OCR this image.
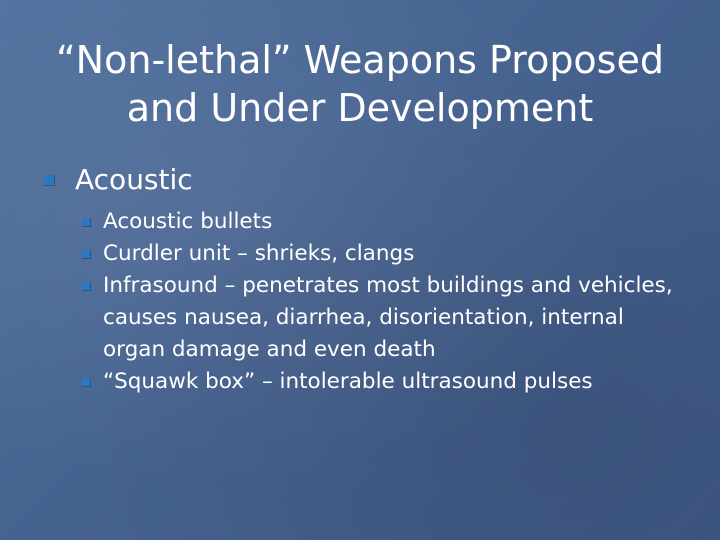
“Non-lethal” Weapons Proposed
and Under Development
Acoustic
Acoustic bullets
Curdler unit – shrieks, clangs
Infrasound – penetrates most buildings and vehicles, causes nausea, diarrhea, disorientation, internal organ damage and even death
“Squawk box” – intolerable ultrasound pulses
